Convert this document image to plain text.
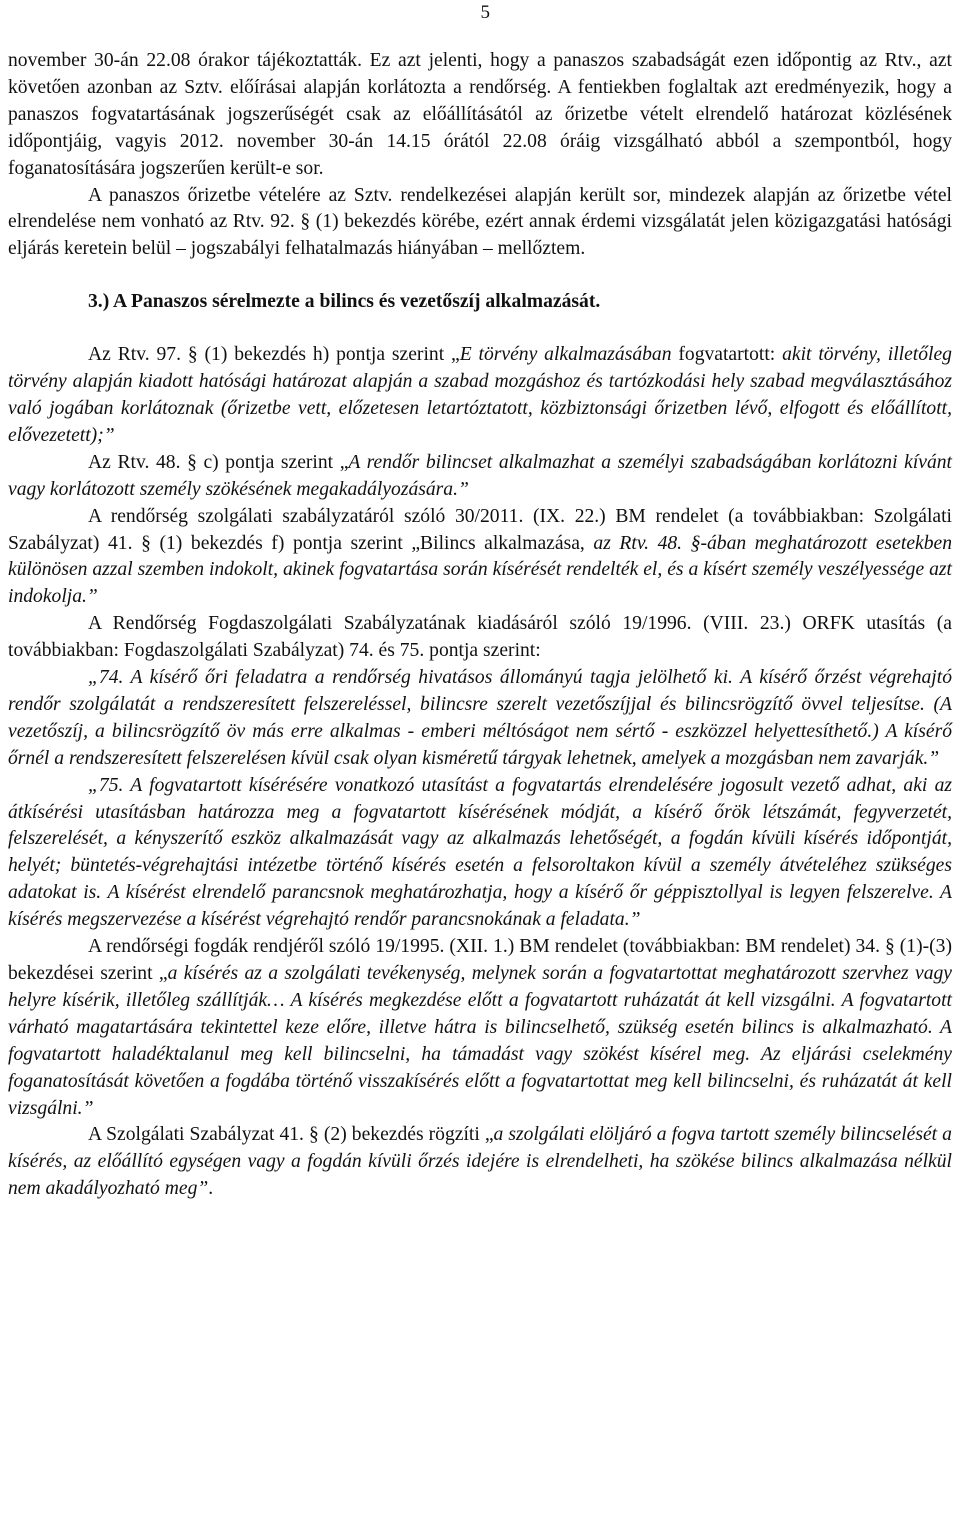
5

november 30-án 22.08 órakor tájékoztatták. Ez azt jelenti, hogy a panaszos szabadságát ezen időpontig az Rtv., azt követően azonban az Sztv. előírásai alapján korlátozta a rendőrség. A fentiekben foglaltak azt eredményezik, hogy a panaszos fogvatartásának jogszerűségét csak az előállításától az őrizetbe vételt elrendelő határozat közlésének időpontjáig, vagyis 2012. november 30-án 14.15 órától 22.08 óráig vizsgálható abból a szempontból, hogy foganatosítására jogszerűen került-e sor.

A panaszos őrizetbe vételére az Sztv. rendelkezései alapján került sor, mindezek alapján az őrizetbe vétel elrendelése nem vonható az Rtv. 92. § (1) bekezdés körébe, ezért annak érdemi vizsgálatát jelen közigazgatási hatósági eljárás keretein belül – jogszabályi felhatalmazás hiányában – mellőztem.

3.) A Panaszos sérelmezte a bilincs és vezetőszíj alkalmazását.

Az Rtv. 97. § (1) bekezdés h) pontja szerint „E törvény alkalmazásában fogvatartott: akit törvény, illetőleg törvény alapján kiadott hatósági határozat alapján a szabad mozgáshoz és tartózkodási hely szabad megválasztásához való jogában korlátoznak (őrizetbe vett, előzetesen letartóztatott, közbiztonsági őrizetben lévő, elfogott és előállított, elővezetett);”

Az Rtv. 48. § c) pontja szerint „A rendőr bilincset alkalmazhat a személyi szabadságában korlátozni kívánt vagy korlátozott személy szökésének megakadályozására.”

A rendőrség szolgálati szabályzatáról szóló 30/2011. (IX. 22.) BM rendelet (a továbbiakban: Szolgálati Szabályzat) 41. § (1) bekezdés f) pontja szerint „Bilincs alkalmazása, az Rtv. 48. §-ában meghatározott esetekben különösen azzal szemben indokolt, akinek fogvatartása során kísérését rendelték el, és a kísért személy veszélyessége azt indokolja.”

A Rendőrség Fogdaszolgálati Szabályzatának kiadásáról szóló 19/1996. (VIII. 23.) ORFK utasítás (a továbbiakban: Fogdaszolgálati Szabályzat) 74. és 75. pontja szerint:

„74. A kísérő őri feladatra a rendőrség hivatásos állományú tagja jelölhető ki. A kísérő őrzést végrehajtó rendőr szolgálatát a rendszeresített felszereléssel, bilincsre szerelt vezetőszíjjal és bilincsrögzítő övvel teljesítse. (A vezetőszíj, a bilincsrögzítő öv más erre alkalmas - emberi méltóságot nem sértő - eszközzel helyettesíthető.) A kísérő őrnél a rendszeresített felszerelésen kívül csak olyan kisméretű tárgyak lehetnek, amelyek a mozgásban nem zavarják.”

„75. A fogvatartott kísérésére vonatkozó utasítást a fogvatartás elrendelésére jogosult vezető adhat, aki az átkísérési utasításban határozza meg a fogvatartott kísérésének módját, a kísérő őrök létszámát, fegyverzetét, felszerelését, a kényszerítő eszköz alkalmazását vagy az alkalmazás lehetőségét, a fogdán kívüli kísérés időpontját, helyét; büntetés-végrehajtási intézetbe történő kísérés esetén a felsoroltakon kívül a személy átvételéhez szükséges adatokat is. A kísérést elrendelő parancsnok meghatározhatja, hogy a kísérő őr géppisztollyal is legyen felszerelve. A kísérés megszervezése a kísérést végrehajtó rendőr parancsnokának a feladata.”

A rendőrségi fogdák rendjéről szóló 19/1995. (XII. 1.) BM rendelet (továbbiakban: BM rendelet) 34. § (1)-(3) bekezdései szerint „a kísérés az a szolgálati tevékenység, melynek során a fogvatartottat meghatározott szervhez vagy helyre kísérik, illetőleg szállítják… A kísérés megkezdése előtt a fogvatartott ruházatát át kell vizsgálni. A fogvatartott várható magatartására tekintettel keze előre, illetve hátra is bilincselhető, szükség esetén bilincs is alkalmazható. A fogvatartott haladéktalanul meg kell bilincselni, ha támadást vagy szökést kísérel meg. Az eljárási cselekmény foganatosítását követően a fogdába történő visszakísérés előtt a fogvatartottat meg kell bilincselni, és ruházatát át kell vizsgálni.”

A Szolgálati Szabályzat 41. § (2) bekezdés rögzíti „a szolgálati elöljáró a fogva tartott személy bilincselését a kísérés, az előállító egységen vagy a fogdán kívüli őrzés idejére is elrendelheti, ha szökése bilincs alkalmazása nélkül nem akadályozható meg”.
